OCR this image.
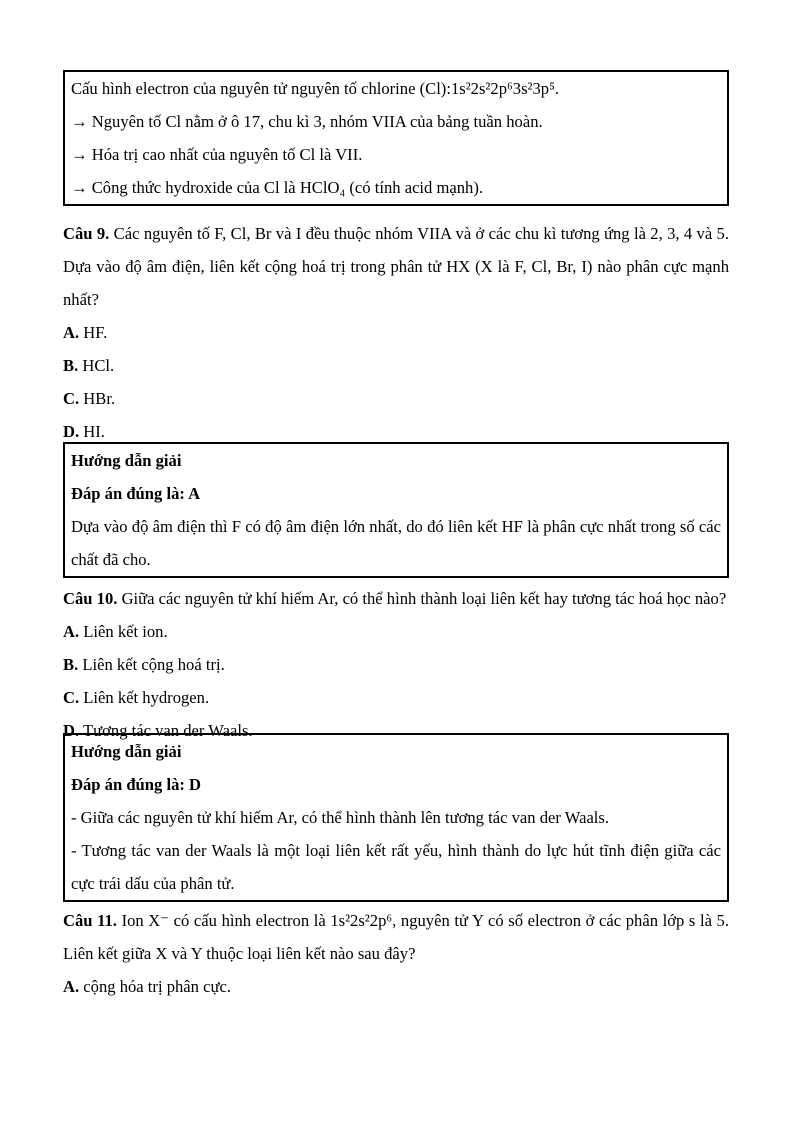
Cấu hình electron của nguyên tử nguyên tố chlorine (Cl):1s²2s²2p⁶3s²3p⁵.

→ Nguyên tố Cl nằm ở ô 17, chu kì 3, nhóm VIIA của bảng tuần hoàn.

→ Hóa trị cao nhất của nguyên tố Cl là VII.

→ Công thức hydroxide của Cl là HClO₄ (có tính acid mạnh).

Câu 9. Các nguyên tố F, Cl, Br và I đều thuộc nhóm VIIA và ở các chu kì tương ứng là 2, 3, 4 và 5. Dựa vào độ âm điện, liên kết cộng hoá trị trong phân tử HX (X là F, Cl, Br, I) nào phân cực mạnh nhất?

A. HF.

B. HCl.

C. HBr.

D. HI.

Hướng dẫn giải

Đáp án đúng là: A

Dựa vào độ âm điện thì F có độ âm điện lớn nhất, do đó liên kết HF là phân cực nhất trong số các chất đã cho.

Câu 10. Giữa các nguyên tử khí hiếm Ar, có thể hình thành loại liên kết hay tương tác hoá học nào?

A. Liên kết ion.

B. Liên kết cộng hoá trị.

C. Liên kết hydrogen.

D. Tương tác van der Waals.

Hướng dẫn giải

Đáp án đúng là: D

- Giữa các nguyên tử khí hiếm Ar, có thể hình thành lên tương tác van der Waals.

- Tương tác van der Waals là một loại liên kết rất yếu, hình thành do lực hút tĩnh điện giữa các cực trái dấu của phân tử.

Câu 11. Ion X⁻ có cấu hình electron là 1s²2s²2p⁶, nguyên tử Y có số electron ở các phân lớp s là 5. Liên kết giữa X và Y thuộc loại liên kết nào sau đây?

A. cộng hóa trị phân cực.
